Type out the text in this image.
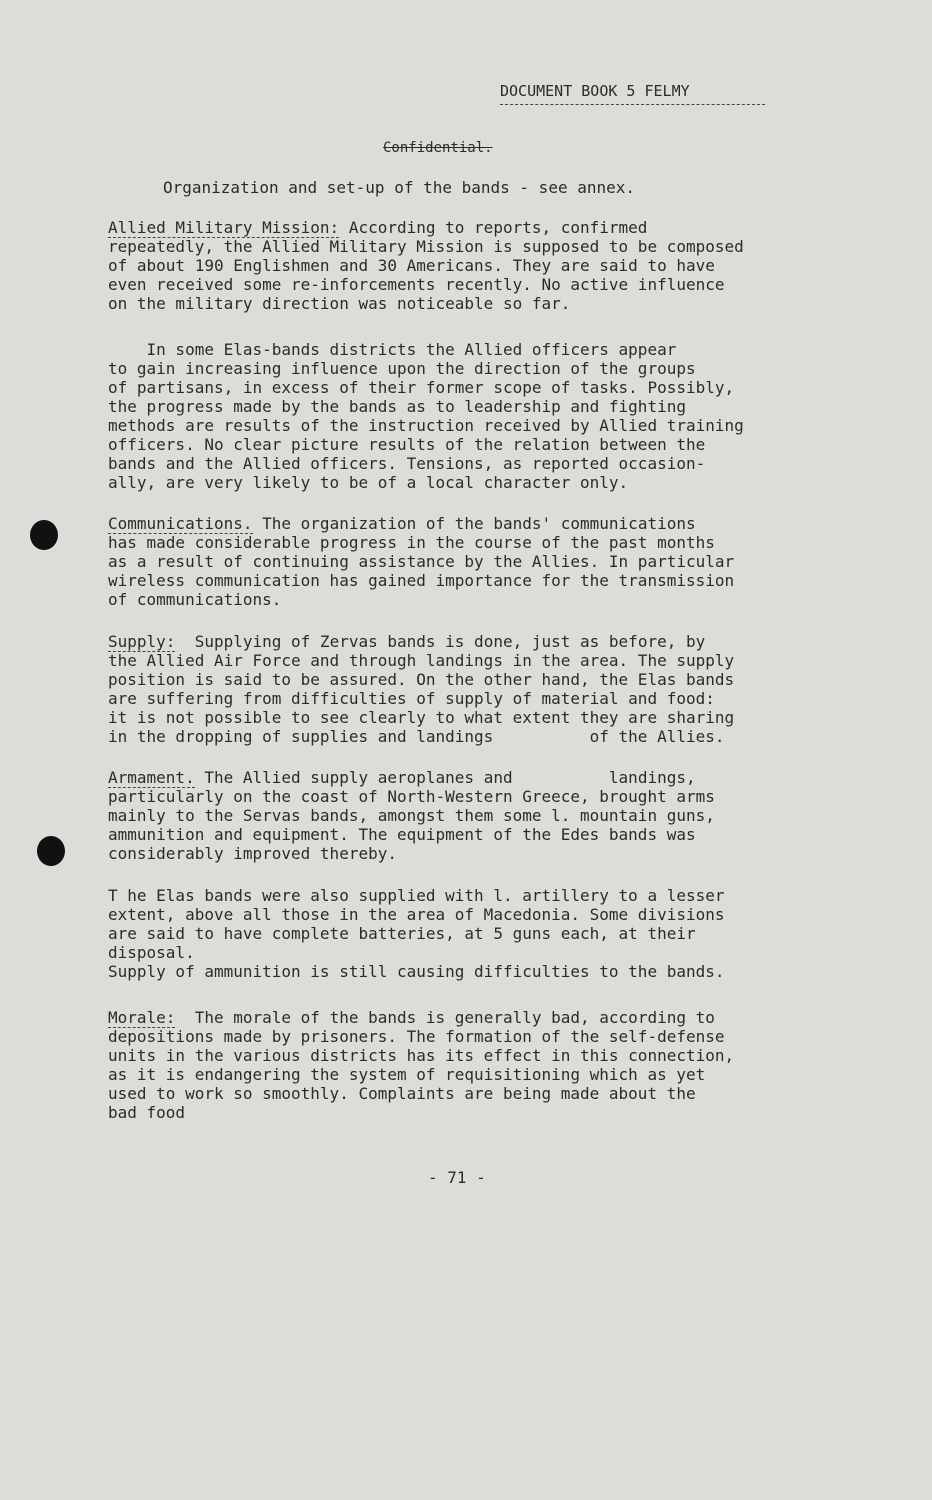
DOCUMENT BOOK 5 FELMY
Confidential.
Organization and set-up of the bands - see annex.
Allied Military Mission: According to reports, confirmed
repeatedly, the Allied Military Mission is supposed to be composed
of about 190 Englishmen and 30 Americans. They are said to have
even received some re-inforcements recently. No active influence
on the military direction was noticeable so far.
In some Elas-bands districts the Allied officers appear
to gain increasing influence upon the direction of the groups
of partisans, in excess of their former scope of tasks. Possibly,
the progress made by the bands as to leadership and fighting
methods are results of the instruction received by Allied training
officers. No clear picture results of the relation between the
bands and the Allied officers. Tensions, as reported occasion-
ally, are very likely to be of a local character only.
Communications. The organization of the bands' communications
has made considerable progress in the course of the past months
as a result of continuing assistance by the Allies. In particular
wireless communication has gained importance for the transmission
of communications.
Supply:  Supplying of Zervas bands is done, just as before, by
the Allied Air Force and through landings in the area. The supply
position is said to be assured. On the other hand, the Elas bands
are suffering from difficulties of supply of material and food:
it is not possible to see clearly to what extent they are sharing
in the dropping of supplies and landings          of the Allies.
Armament. The Allied supply aeroplanes and          landings,
particularly on the coast of North-Western Greece, brought arms
mainly to the Servas bands, amongst them some l. mountain guns,
ammunition and equipment. The equipment of the Edes bands was
considerably improved thereby.
T he Elas bands were also supplied with l. artillery to a lesser
extent, above all those in the area of Macedonia. Some divisions
are said to have complete batteries, at 5 guns each, at their
disposal.
Supply of ammunition is still causing difficulties to the bands.
Morale:  The morale of the bands is generally bad, according to
depositions made by prisoners. The formation of the self-defense
units in the various districts has its effect in this connection,
as it is endangering the system of requisitioning which as yet
used to work so smoothly. Complaints are being made about the
bad food
- 71 -
